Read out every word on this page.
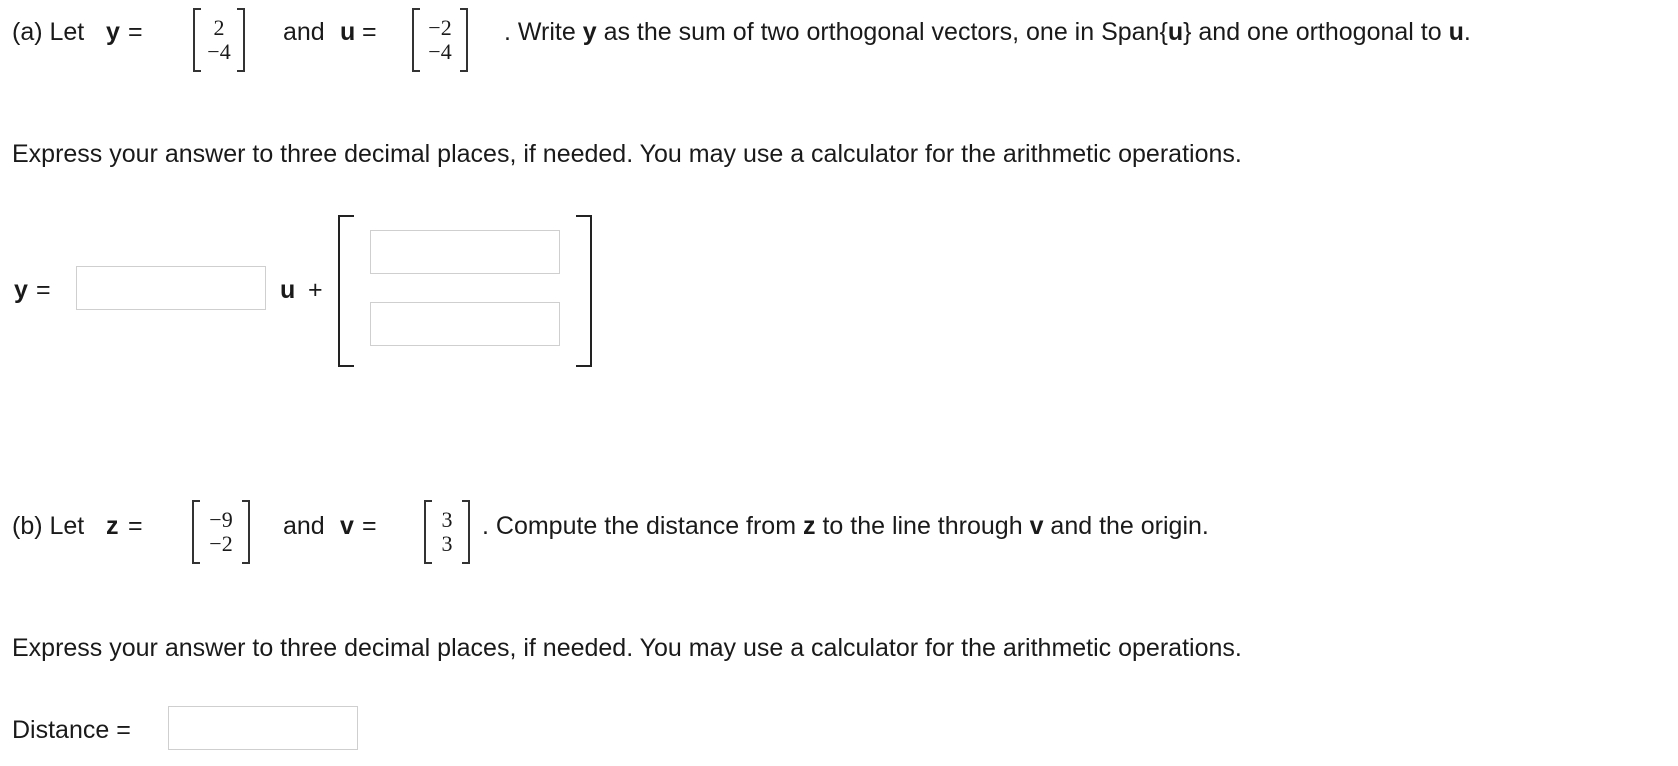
(a) Let y =	2
−4
and u = −2
−4
. Write y as the sum of two orthogonal vectors, one in Span{u} and one orthogonal to u.
Express your answer to three decimal places, if needed. You may use a calculator for the arithmetic operations.
y =	u +
(b) Let z =	−9
−2
and v =	3
3
. Compute the distance from z to the line through v and the origin.
Express your answer to three decimal places, if needed. You may use a calculator for the arithmetic operations.
Distance =
